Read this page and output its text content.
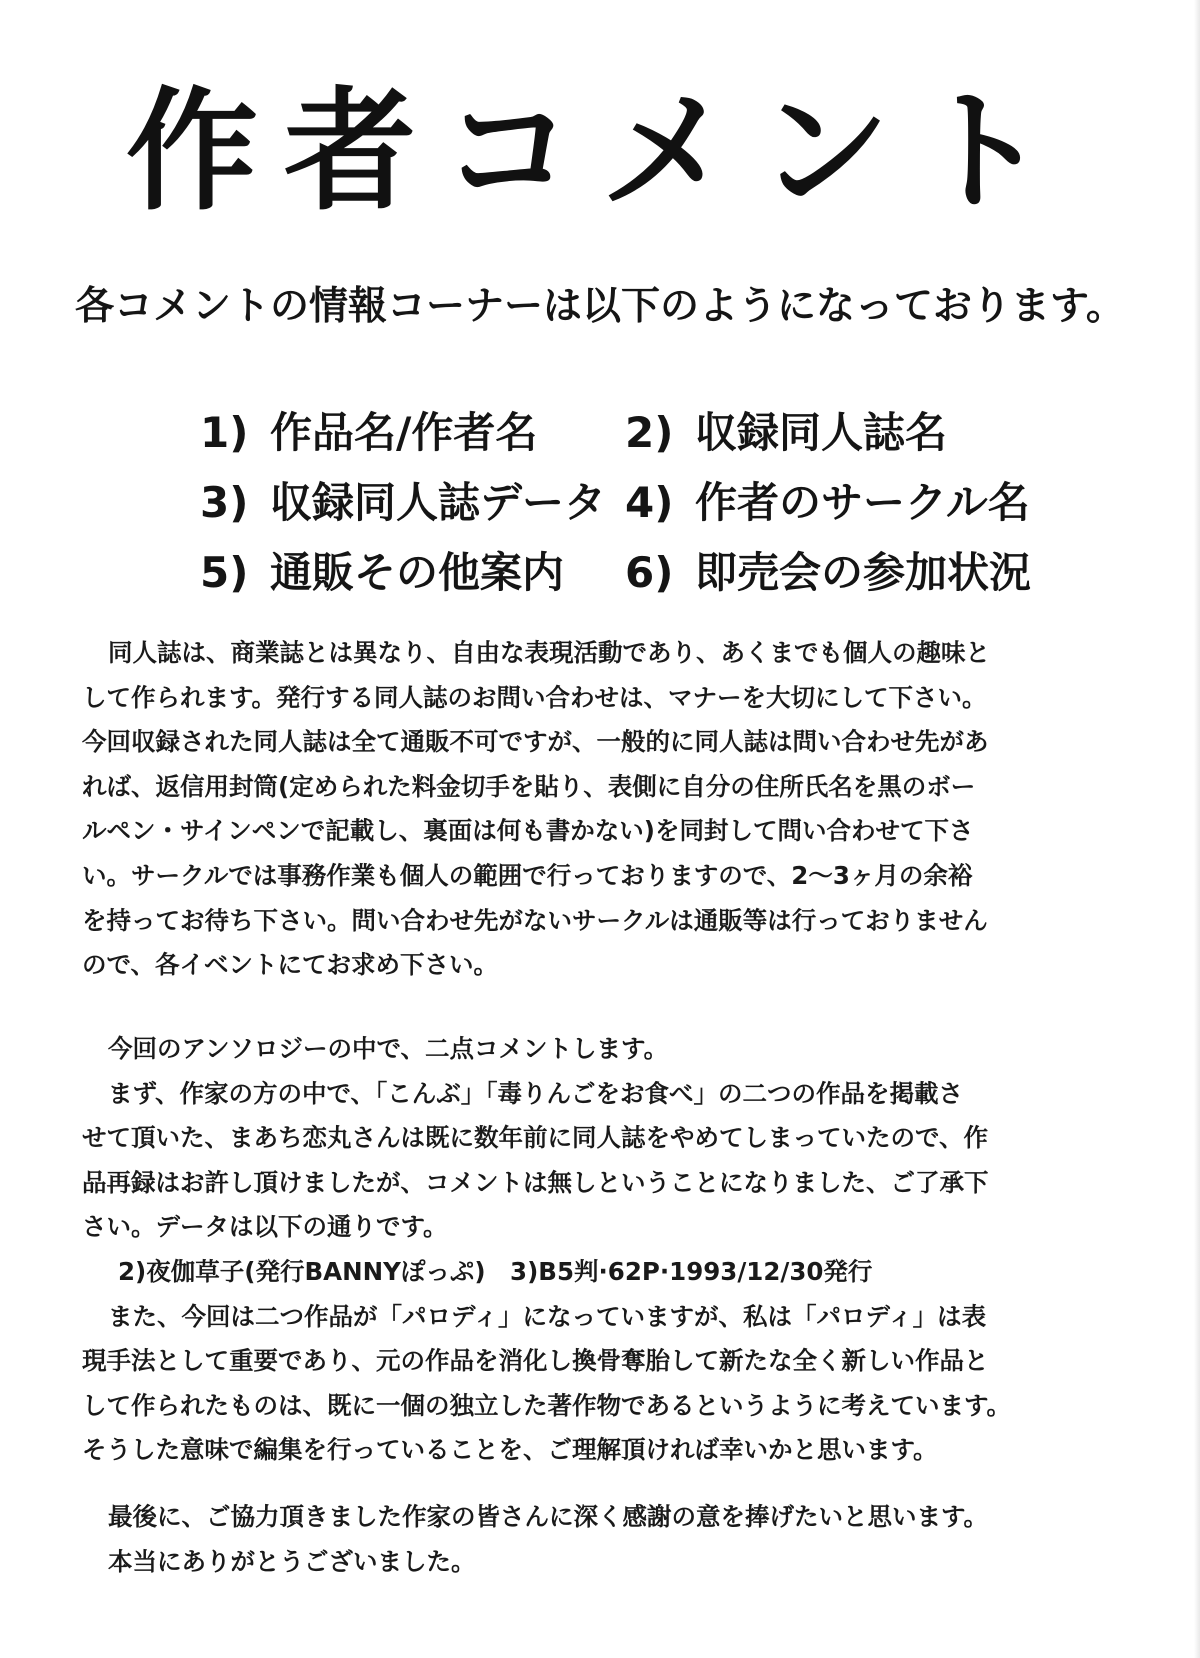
作者コメント
各コメントの情報コーナーは以下のようになっております。
1) 作品名/作者名	2) 収録同人誌名
3) 収録同人誌データ 4) 作者のサークル名
5) 通販その他案内	6) 即売会の参加状況
同人誌は、商業誌とは異なり、自由な表現活動であり、あくまでも個人の趣味と
して作られます。発行する同人誌のお問い合わせは、マナーを大切にして下さい。
今回収録された同人誌は全て通販不可ですが、一般的に同人誌は問い合わせ先があ
れば、返信用封筒(定められた料金切手を貼り、表側に自分の住所氏名を黒のボー
ルペン・サインペンで記載し、裏面は何も書かない)を同封して問い合わせて下さ
い。サークルでは事務作業も個人の範囲で行っておりますので、2〜3ヶ月の余裕
を持ってお待ち下さい。問い合わせ先がないサークルは通販等は行っておりません
ので、各イベントにてお求め下さい。
今回のアンソロジーの中で、二点コメントします。
まず、作家の方の中で、「こんぶ」「毒りんごをお食べ」の二つの作品を掲載さ
せて頂いた、まあち恋丸さんは既に数年前に同人誌をやめてしまっていたので、作
品再録はお許し頂けましたが、コメントは無しということになりました、ご了承下
さい。データは以下の通りです。
2)夜伽草子(発行BANNYぽっぷ)　3)B5判·62P·1993/12/30発行
また、今回は二つ作品が「パロディ」になっていますが、私は「パロディ」は表
現手法として重要であり、元の作品を消化し換骨奪胎して新たな全く新しい作品と
して作られたものは、既に一個の独立した著作物であるというように考えています。
そうした意味で編集を行っていることを、ご理解頂ければ幸いかと思います。
最後に、ご協力頂きました作家の皆さんに深く感謝の意を捧げたいと思います。
本当にありがとうございました。
